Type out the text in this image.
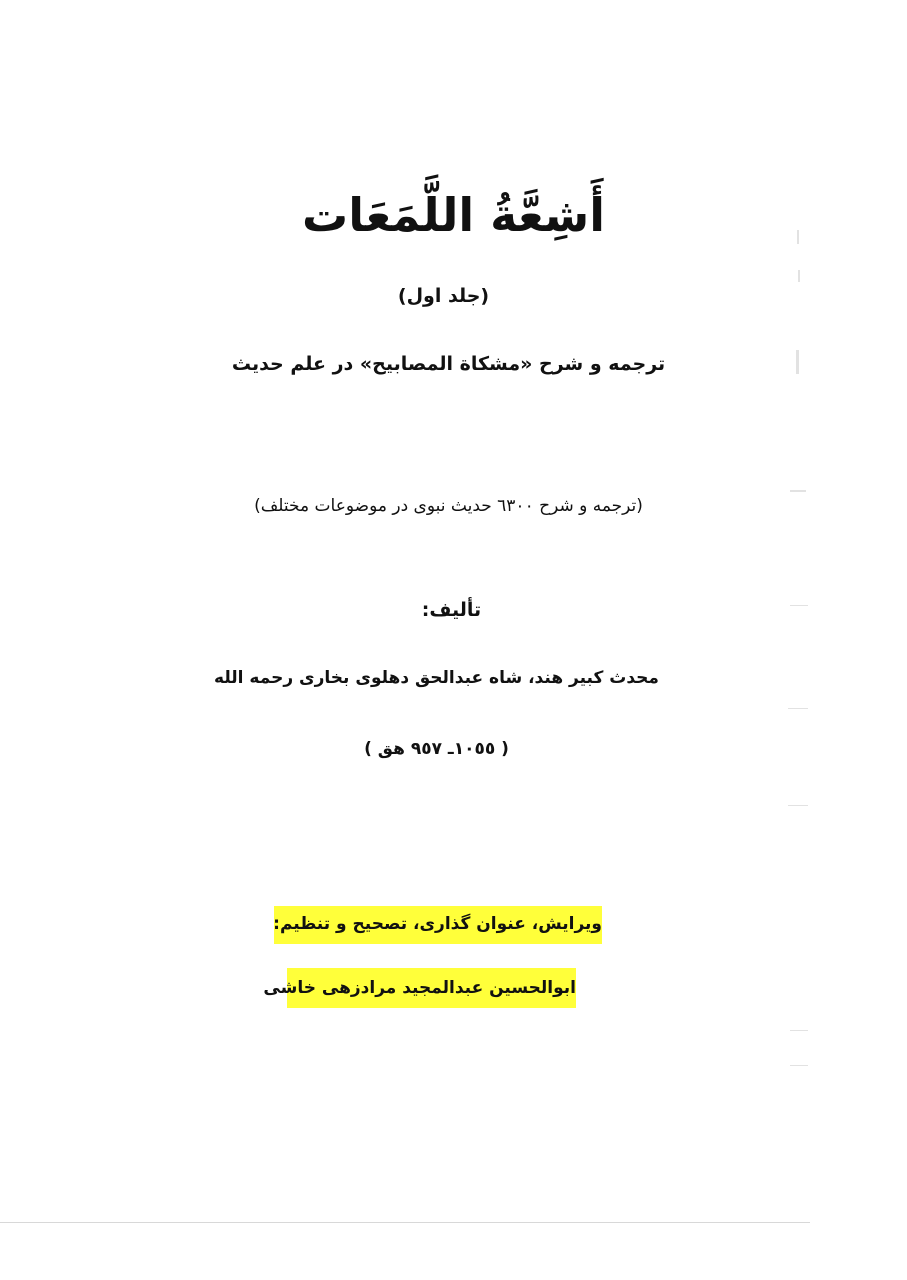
أَشِعَّةُ اللَّمَعَات
(جلد اول)
ترجمه و شرح «مشكاة المصابيح» در علم حديث
(ترجمه و شرح ٦٣٠٠ حديث نبوی در موضوعات مختلف)
تأليف:
محدث كبير هند، شاه عبدالحق دهلوی بخاری رحمه الله
( ١٠٥٥ـ ٩٥٧ هق )
ويرايش، عنوان گذاری، تصحيح و تنظيم:
ابوالحسين عبدالمجيد مرادزهی خاشی
